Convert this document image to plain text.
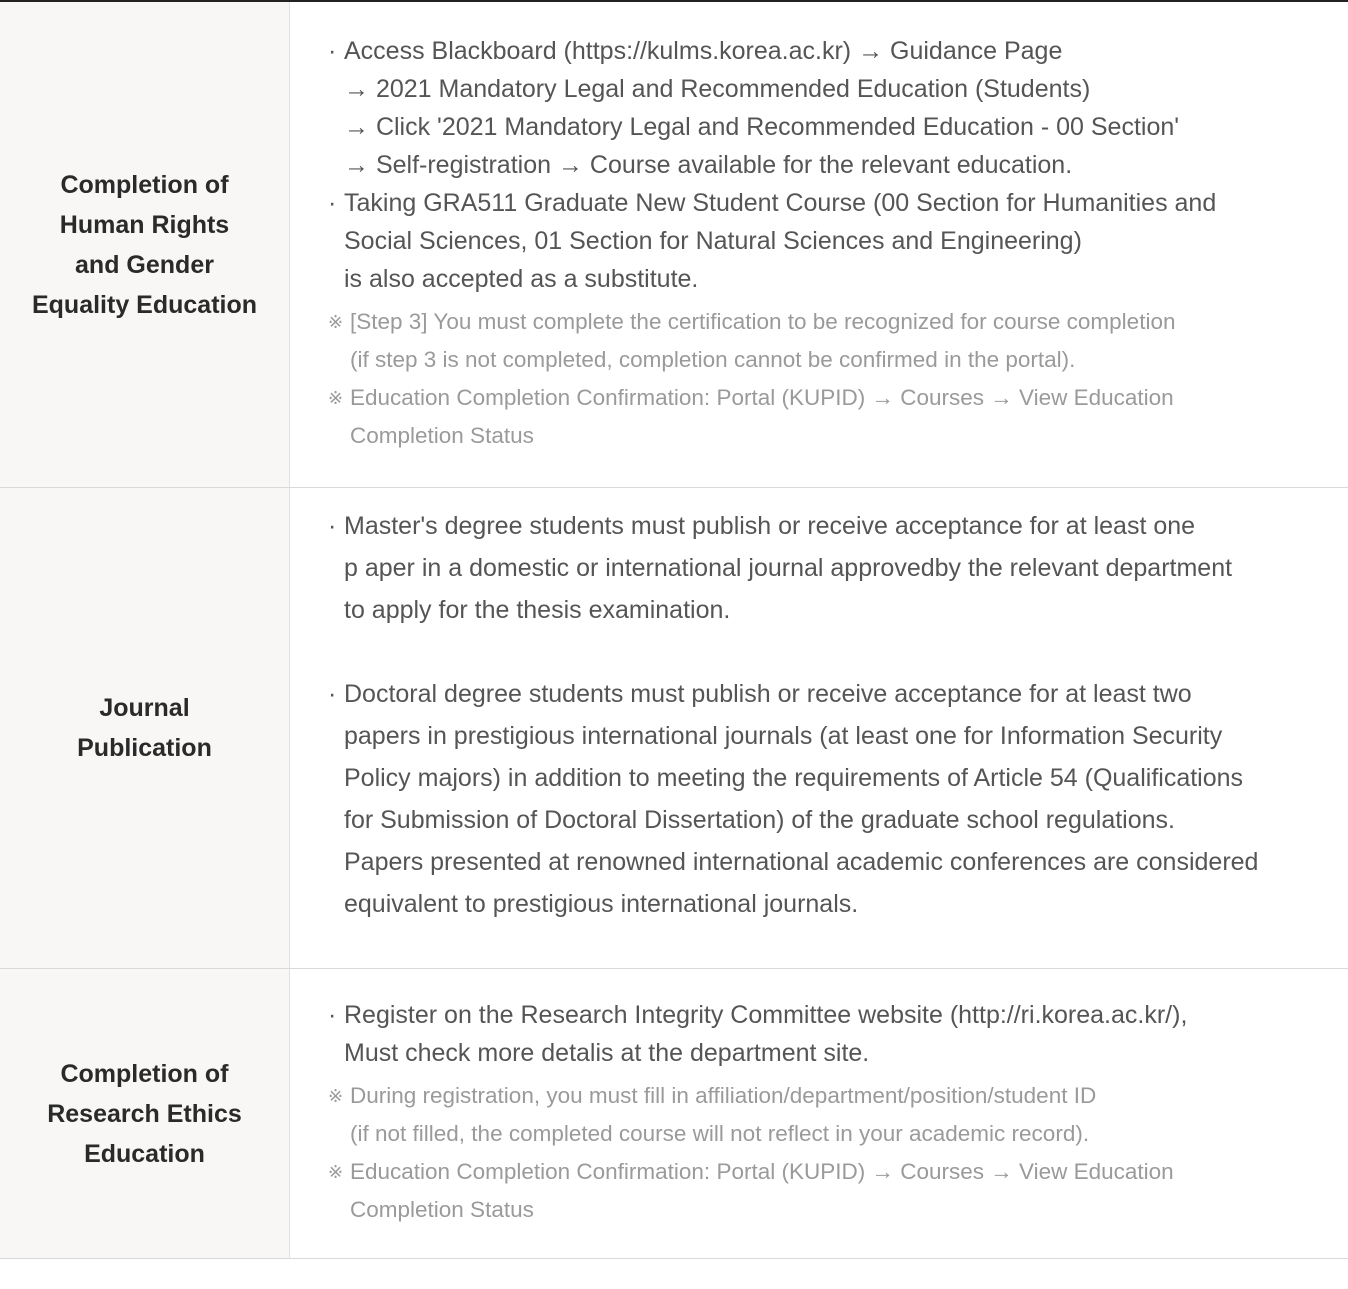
Completion of
Human Rights
and Gender
Equality Education
· Access Blackboard (https://kulms.korea.ac.kr) → Guidance Page
→ 2021 Mandatory Legal and Recommended Education (Students)
→ Click '2021 Mandatory Legal and Recommended Education - 00 Section'
→ Self-registration → Course available for the relevant education.
· Taking GRA511 Graduate New Student Course (00 Section for Humanities and
Social Sciences, 01 Section for Natural Sciences and Engineering)
is also accepted as a substitute.
※ [Step 3] You must complete the certification to be recognized for course completion
(if step 3 is not completed, completion cannot be confirmed in the portal).
※ Education Completion Confirmation: Portal (KUPID) → Courses → View Education
Completion Status
Journal
Publication
· Master's degree students must publish or receive acceptance for at least one
p aper in a domestic or international journal approvedby the relevant department
to apply for the thesis examination.
· Doctoral degree students must publish or receive acceptance for at least two
papers in prestigious international journals (at least one for Information Security
Policy majors) in addition to meeting the requirements of Article 54 (Qualifications
for Submission of Doctoral Dissertation) of the graduate school regulations.
Papers presented at renowned international academic conferences are considered
equivalent to prestigious international journals.
Completion of
Research Ethics
Education
· Register on the Research Integrity Committee website (http://ri.korea.ac.kr/),
Must check more detalis at the department site.
※ During registration, you must fill in affiliation/department/position/student ID
(if not filled, the completed course will not reflect in your academic record).
※ Education Completion Confirmation: Portal (KUPID) → Courses → View Education
Completion Status
